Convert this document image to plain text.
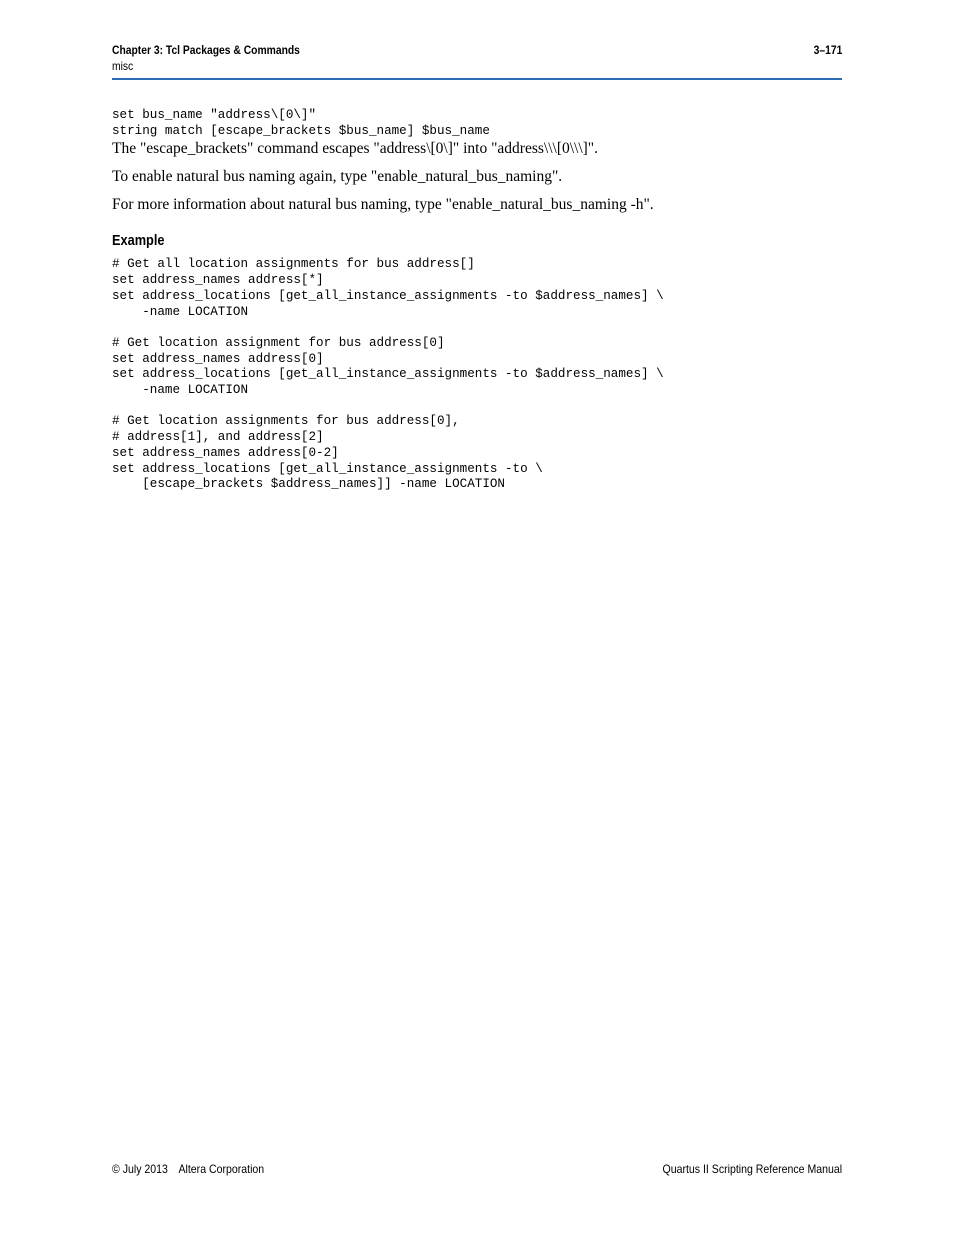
Chapter 3: Tcl Packages & Commands
misc
3–171
set bus_name "address\[0\]"
string match [escape_brackets $bus_name] $bus_name

The "escape_brackets" command escapes "address\[0\]" into "address\\\[0\\\]".

To enable natural bus naming again, type "enable_natural_bus_naming".

For more information about natural bus naming, type "enable_natural_bus_naming -h".

Example
# Get all location assignments for bus address[]
set address_names address[*]
set address_locations [get_all_instance_assignments -to $address_names] \
-name LOCATION

# Get location assignment for bus address[0]
set address_names address[0]
set address_locations [get_all_instance_assignments -to $address_names] \
-name LOCATION

# Get location assignments for bus address[0],
# address[1], and address[2]
set address_names address[0-2]
set address_locations [get_all_instance_assignments -to \
[escape_brackets $address_names]] -name LOCATION
© July 2013 Altera Corporation	Quartus II Scripting Reference Manual
